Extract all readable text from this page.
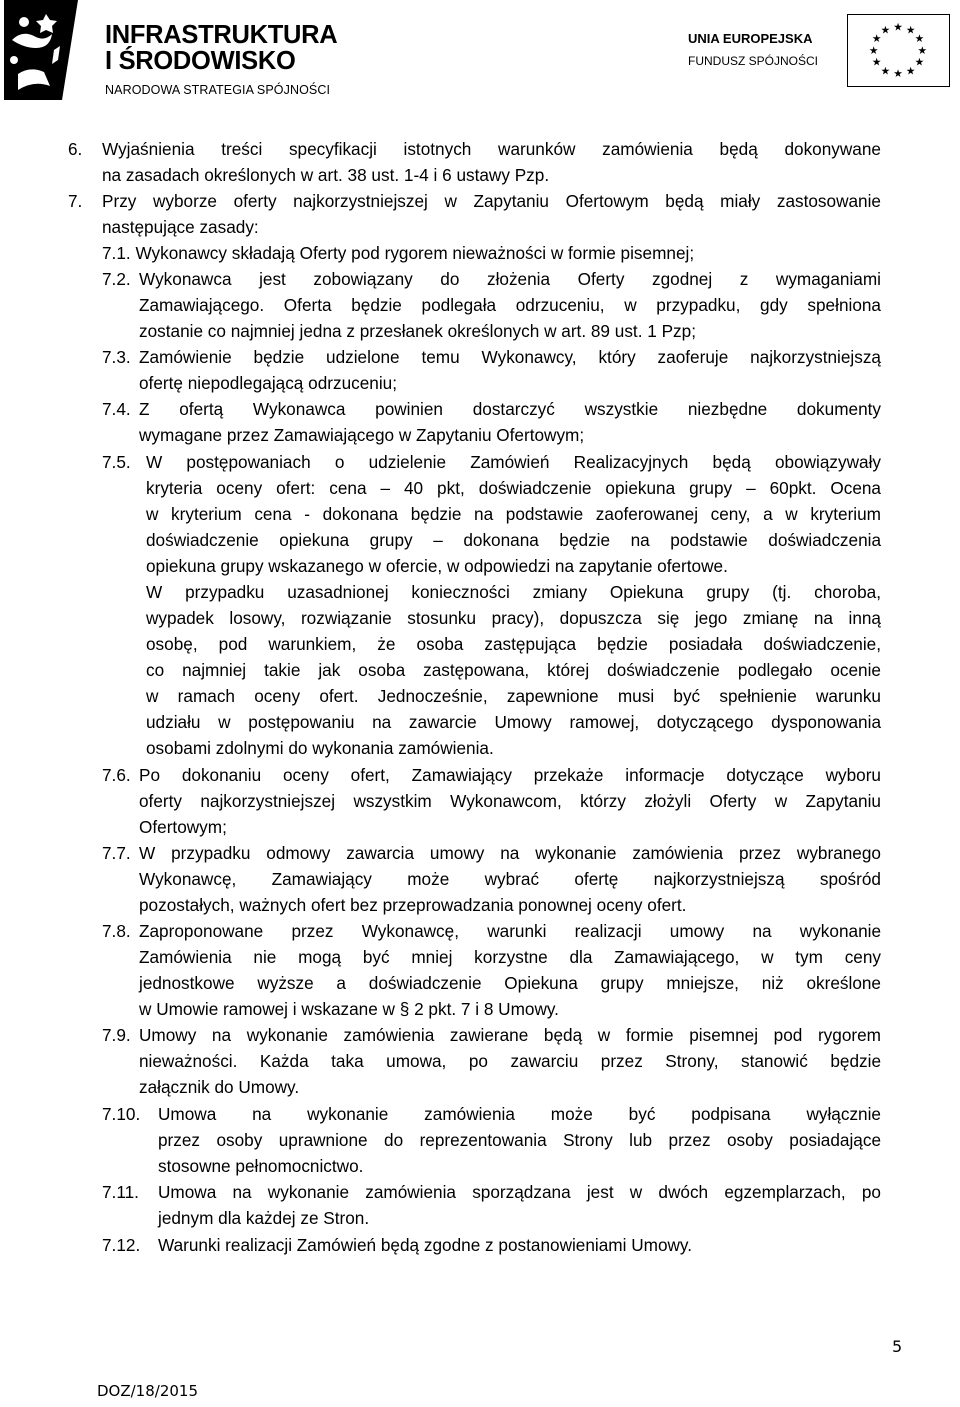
INFRASTRUKTURA
I ŚRODOWISKO
NARODOWA STRATEGIA SPÓJNOŚCI
UNIA EUROPEJSKA
FUNDUSZ SPÓJNOŚCI
★ ★
★
★
★
★
★
★
★
★
★
★
6. Wyjaśnienia treści specyfikacji istotnych warunków zamówienia będą dokonywane
na zasadach określonych w art. 38 ust. 1-4 i 6 ustawy Pzp.
7. Przy wyborze oferty najkorzystniejszej w Zapytaniu Ofertowym będą miały zastosowanie
następujące zasady:
7.1. Wykonawcy składają Oferty pod rygorem nieważności w formie pisemnej;
7.2. Wykonawca jest zobowiązany do złożenia Oferty zgodnej z wymaganiami
Zamawiającego. Oferta będzie podlegała odrzuceniu, w przypadku, gdy spełniona
zostanie co najmniej jedna z przesłanek określonych w art. 89 ust. 1 Pzp;
7.3. Zamówienie będzie udzielone temu Wykonawcy, który zaoferuje najkorzystniejszą
ofertę niepodlegającą odrzuceniu;
7.4. Z ofertą Wykonawca powinien dostarczyć wszystkie niezbędne dokumenty
wymagane przez Zamawiającego w Zapytaniu Ofertowym;
7.5. W postępowaniach o udzielenie Zamówień Realizacyjnych będą obowiązywały
kryteria oceny ofert: cena – 40 pkt, doświadczenie opiekuna grupy – 60pkt. Ocena
w kryterium cena - dokonana będzie na podstawie zaoferowanej ceny, a w kryterium
doświadczenie opiekuna grupy – dokonana będzie na podstawie doświadczenia
opiekuna grupy wskazanego w ofercie, w odpowiedzi na zapytanie ofertowe.
W przypadku uzasadnionej konieczności zmiany Opiekuna grupy (tj. choroba,
wypadek losowy, rozwiązanie stosunku pracy), dopuszcza się jego zmianę na inną
osobę, pod warunkiem, że osoba zastępująca będzie posiadała doświadczenie,
co najmniej takie jak osoba zastępowana, której doświadczenie podlegało ocenie
w ramach oceny ofert. Jednocześnie, zapewnione musi być spełnienie warunku
udziału w postępowaniu na zawarcie Umowy ramowej, dotyczącego dysponowania
osobami zdolnymi do wykonania zamówienia.
7.6. Po dokonaniu oceny ofert, Zamawiający przekaże informacje dotyczące wyboru
oferty najkorzystniejszej wszystkim Wykonawcom, którzy złożyli Oferty w Zapytaniu
Ofertowym;
7.7. W przypadku odmowy zawarcia umowy na wykonanie zamówienia przez wybranego
Wykonawcę, Zamawiający może wybrać ofertę najkorzystniejszą spośród
pozostałych, ważnych ofert bez przeprowadzania ponownej oceny ofert.
7.8. Zaproponowane przez Wykonawcę, warunki realizacji umowy na wykonanie
Zamówienia nie mogą być mniej korzystne dla Zamawiającego, w tym ceny
jednostkowe wyższe a doświadczenie Opiekuna grupy mniejsze, niż określone
w Umowie ramowej i wskazane w § 2 pkt. 7 i 8 Umowy.
7.9. Umowy na wykonanie zamówienia zawierane będą w formie pisemnej pod rygorem
nieważności. Każda taka umowa, po zawarciu przez Strony, stanowić będzie
załącznik do Umowy.
7.10. Umowa na wykonanie zamówienia może być podpisana wyłącznie
przez osoby uprawnione do reprezentowania Strony lub przez osoby posiadające
stosowne pełnomocnictwo.
7.11. Umowa na wykonanie zamówienia sporządzana jest w dwóch egzemplarzach, po
jednym dla każdej ze Stron.
7.12. Warunki realizacji Zamówień będą zgodne z postanowieniami Umowy.
5
DOZ/18/2015
